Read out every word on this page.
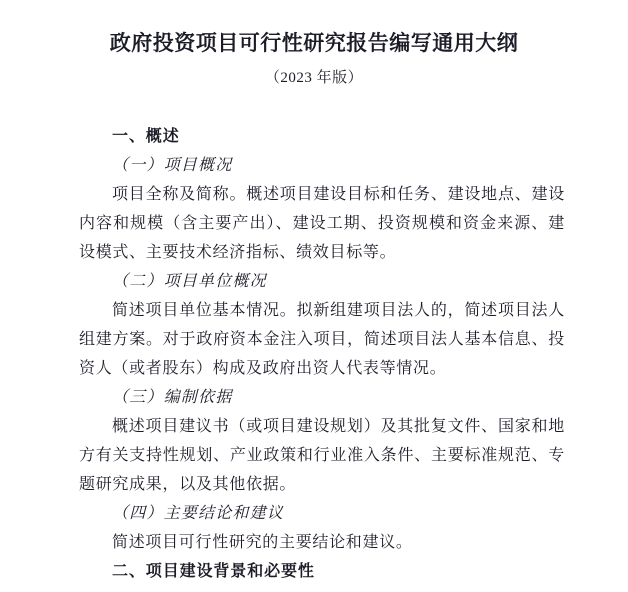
政府投资项目可行性研究报告编写通用大纲
（2023 年版）
一、概述
（一）项目概况
项目全称及简称。概述项目建设目标和任务、建设地点、建设内容和规模（含主要产出）、建设工期、投资规模和资金来源、建设模式、主要技术经济指标、绩效目标等。
（二）项目单位概况
简述项目单位基本情况。拟新组建项目法人的，简述项目法人组建方案。对于政府资本金注入项目，简述项目法人基本信息、投资人（或者股东）构成及政府出资人代表等情况。
（三）编制依据
概述项目建议书（或项目建设规划）及其批复文件、国家和地方有关支持性规划、产业政策和行业准入条件、主要标准规范、专题研究成果，以及其他依据。
（四）主要结论和建议
简述项目可行性研究的主要结论和建议。
二、项目建设背景和必要性
